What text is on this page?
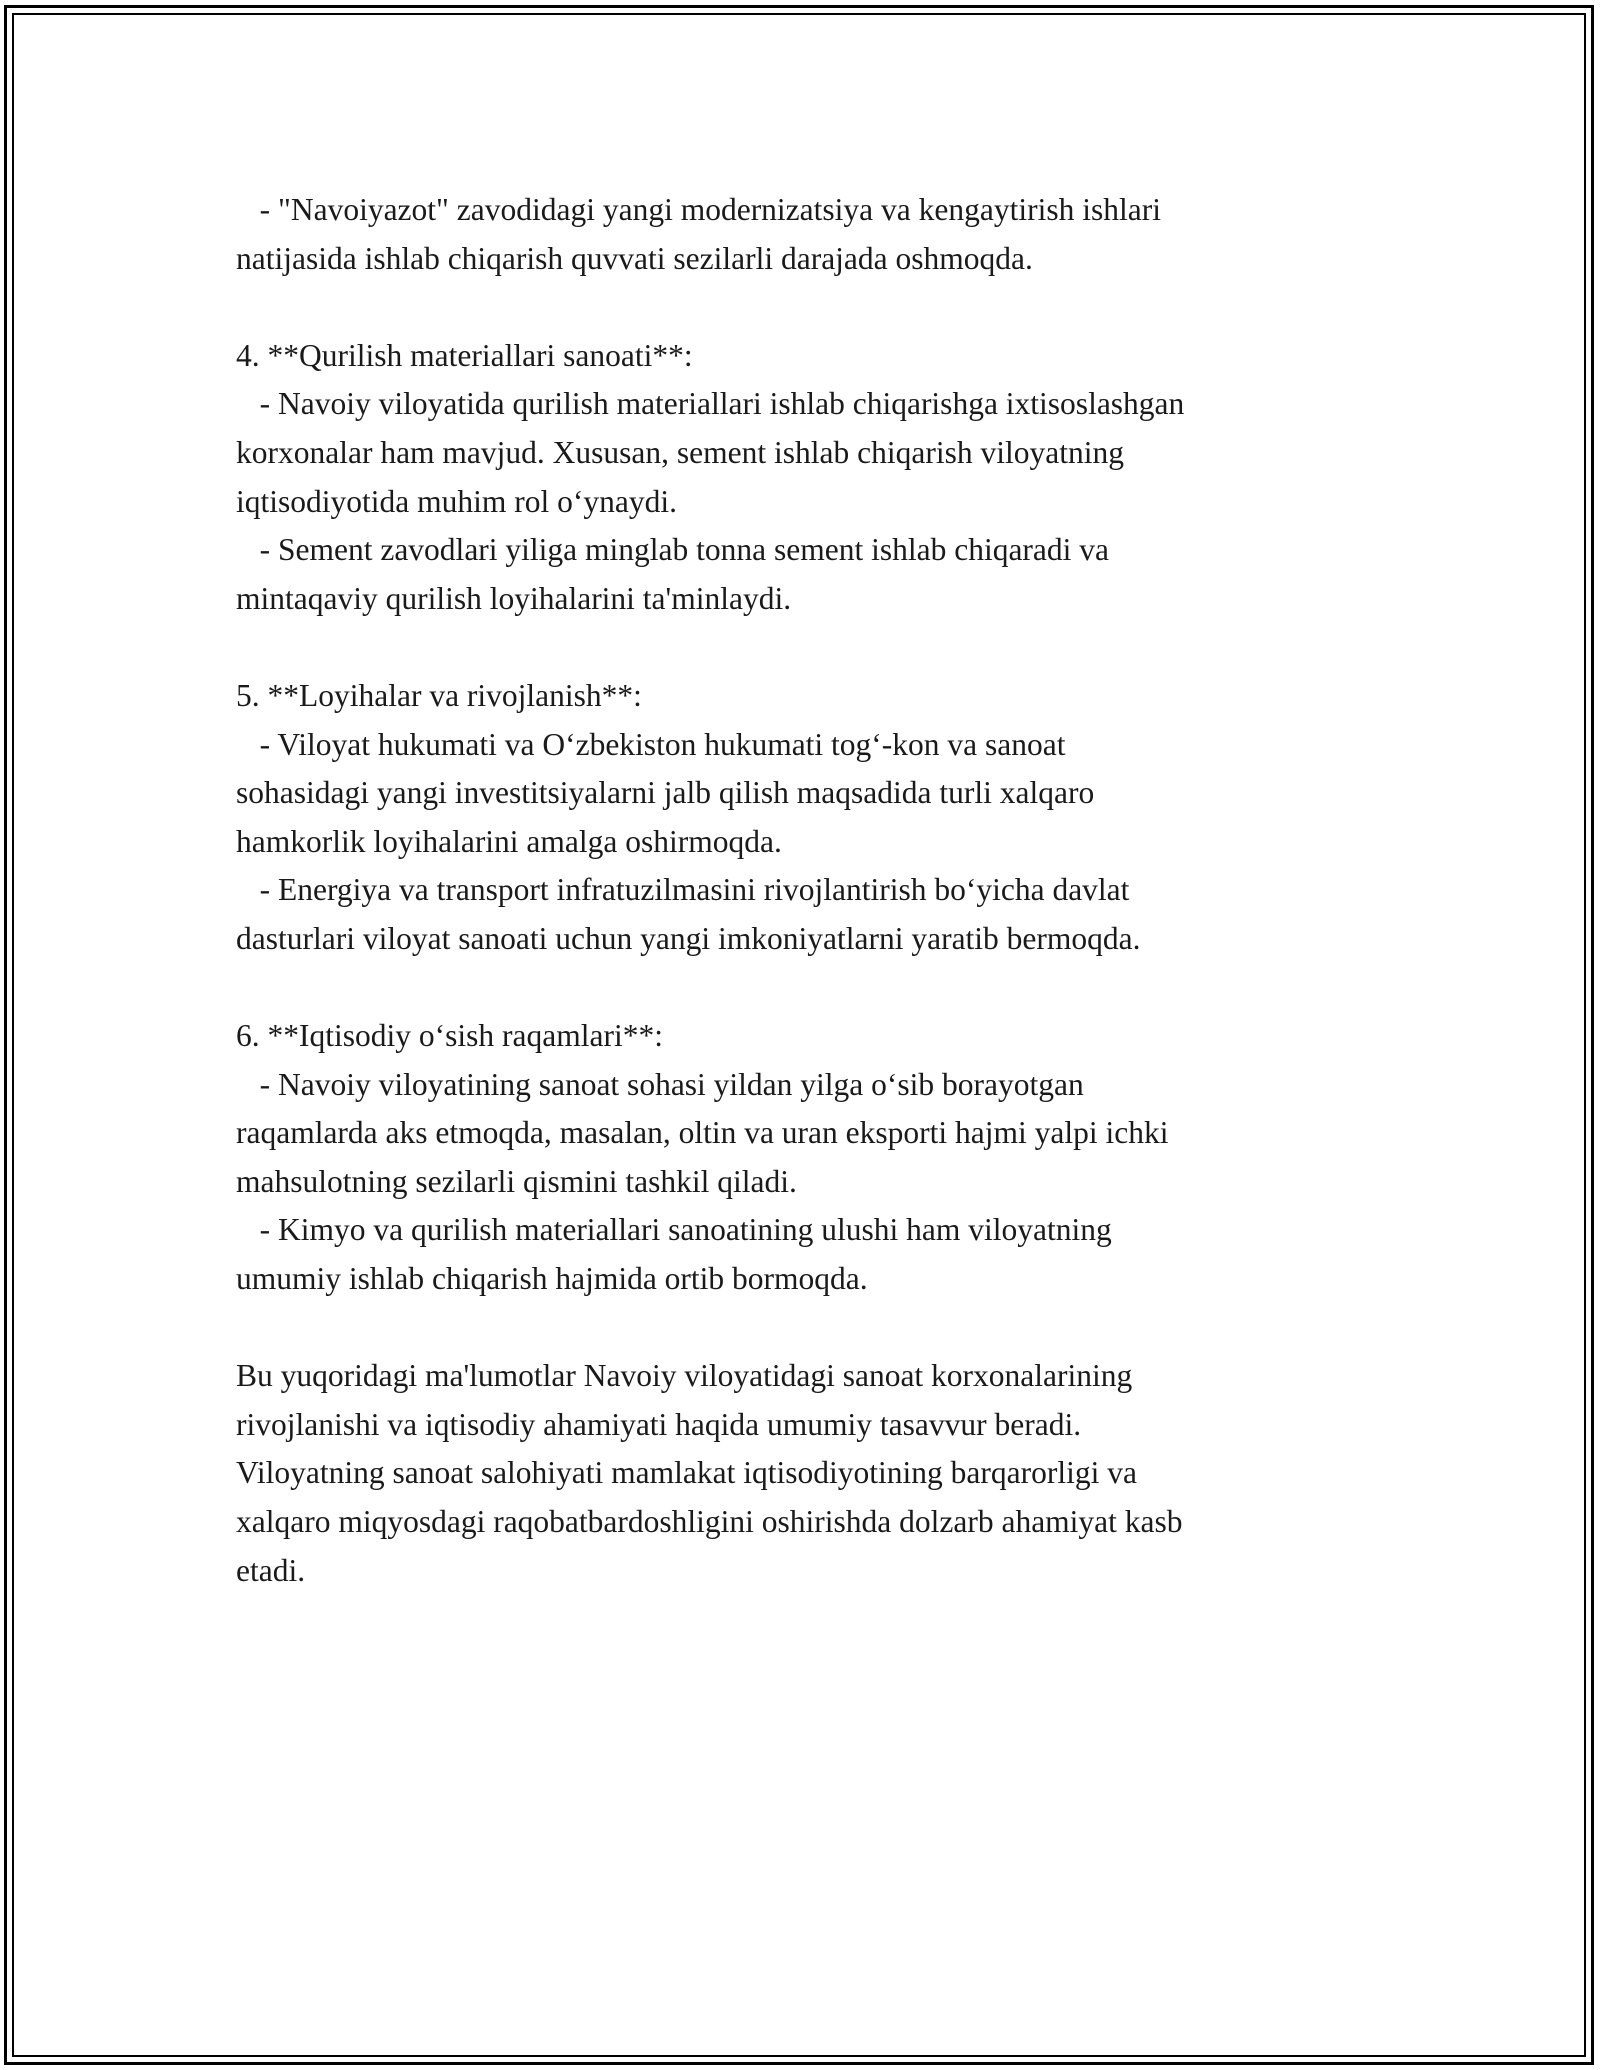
- "Navoiyazot" zavodidagi yangi modernizatsiya va kengaytirish ishlari
natijasida ishlab chiqarish quvvati sezilarli darajada oshmoqda.
4. **Qurilish materiallari sanoati**:
- Navoiy viloyatida qurilish materiallari ishlab chiqarishga ixtisoslashgan
korxonalar ham mavjud. Xususan, sement ishlab chiqarish viloyatning
iqtisodiyotida muhim rol o‘ynaydi.
- Sement zavodlari yiliga minglab tonna sement ishlab chiqaradi va
mintaqaviy qurilish loyihalarini ta'minlaydi.
5. **Loyihalar va rivojlanish**:
- Viloyat hukumati va O‘zbekiston hukumati tog‘-kon va sanoat
sohasidagi yangi investitsiyalarni jalb qilish maqsadida turli xalqaro
hamkorlik loyihalarini amalga oshirmoqda.
- Energiya va transport infratuzilmasini rivojlantirish bo‘yicha davlat
dasturlari viloyat sanoati uchun yangi imkoniyatlarni yaratib bermoqda.
6. **Iqtisodiy o‘sish raqamlari**:
- Navoiy viloyatining sanoat sohasi yildan yilga o‘sib borayotgan
raqamlarda aks etmoqda, masalan, oltin va uran eksporti hajmi yalpi ichki
mahsulotning sezilarli qismini tashkil qiladi.
- Kimyo va qurilish materiallari sanoatining ulushi ham viloyatning
umumiy ishlab chiqarish hajmida ortib bormoqda.
Bu yuqoridagi ma'lumotlar Navoiy viloyatidagi sanoat korxonalarining
rivojlanishi va iqtisodiy ahamiyati haqida umumiy tasavvur beradi.
Viloyatning sanoat salohiyati mamlakat iqtisodiyotining barqarorligi va
xalqaro miqyosdagi raqobatbardoshligini oshirishda dolzarb ahamiyat kasb
etadi.
